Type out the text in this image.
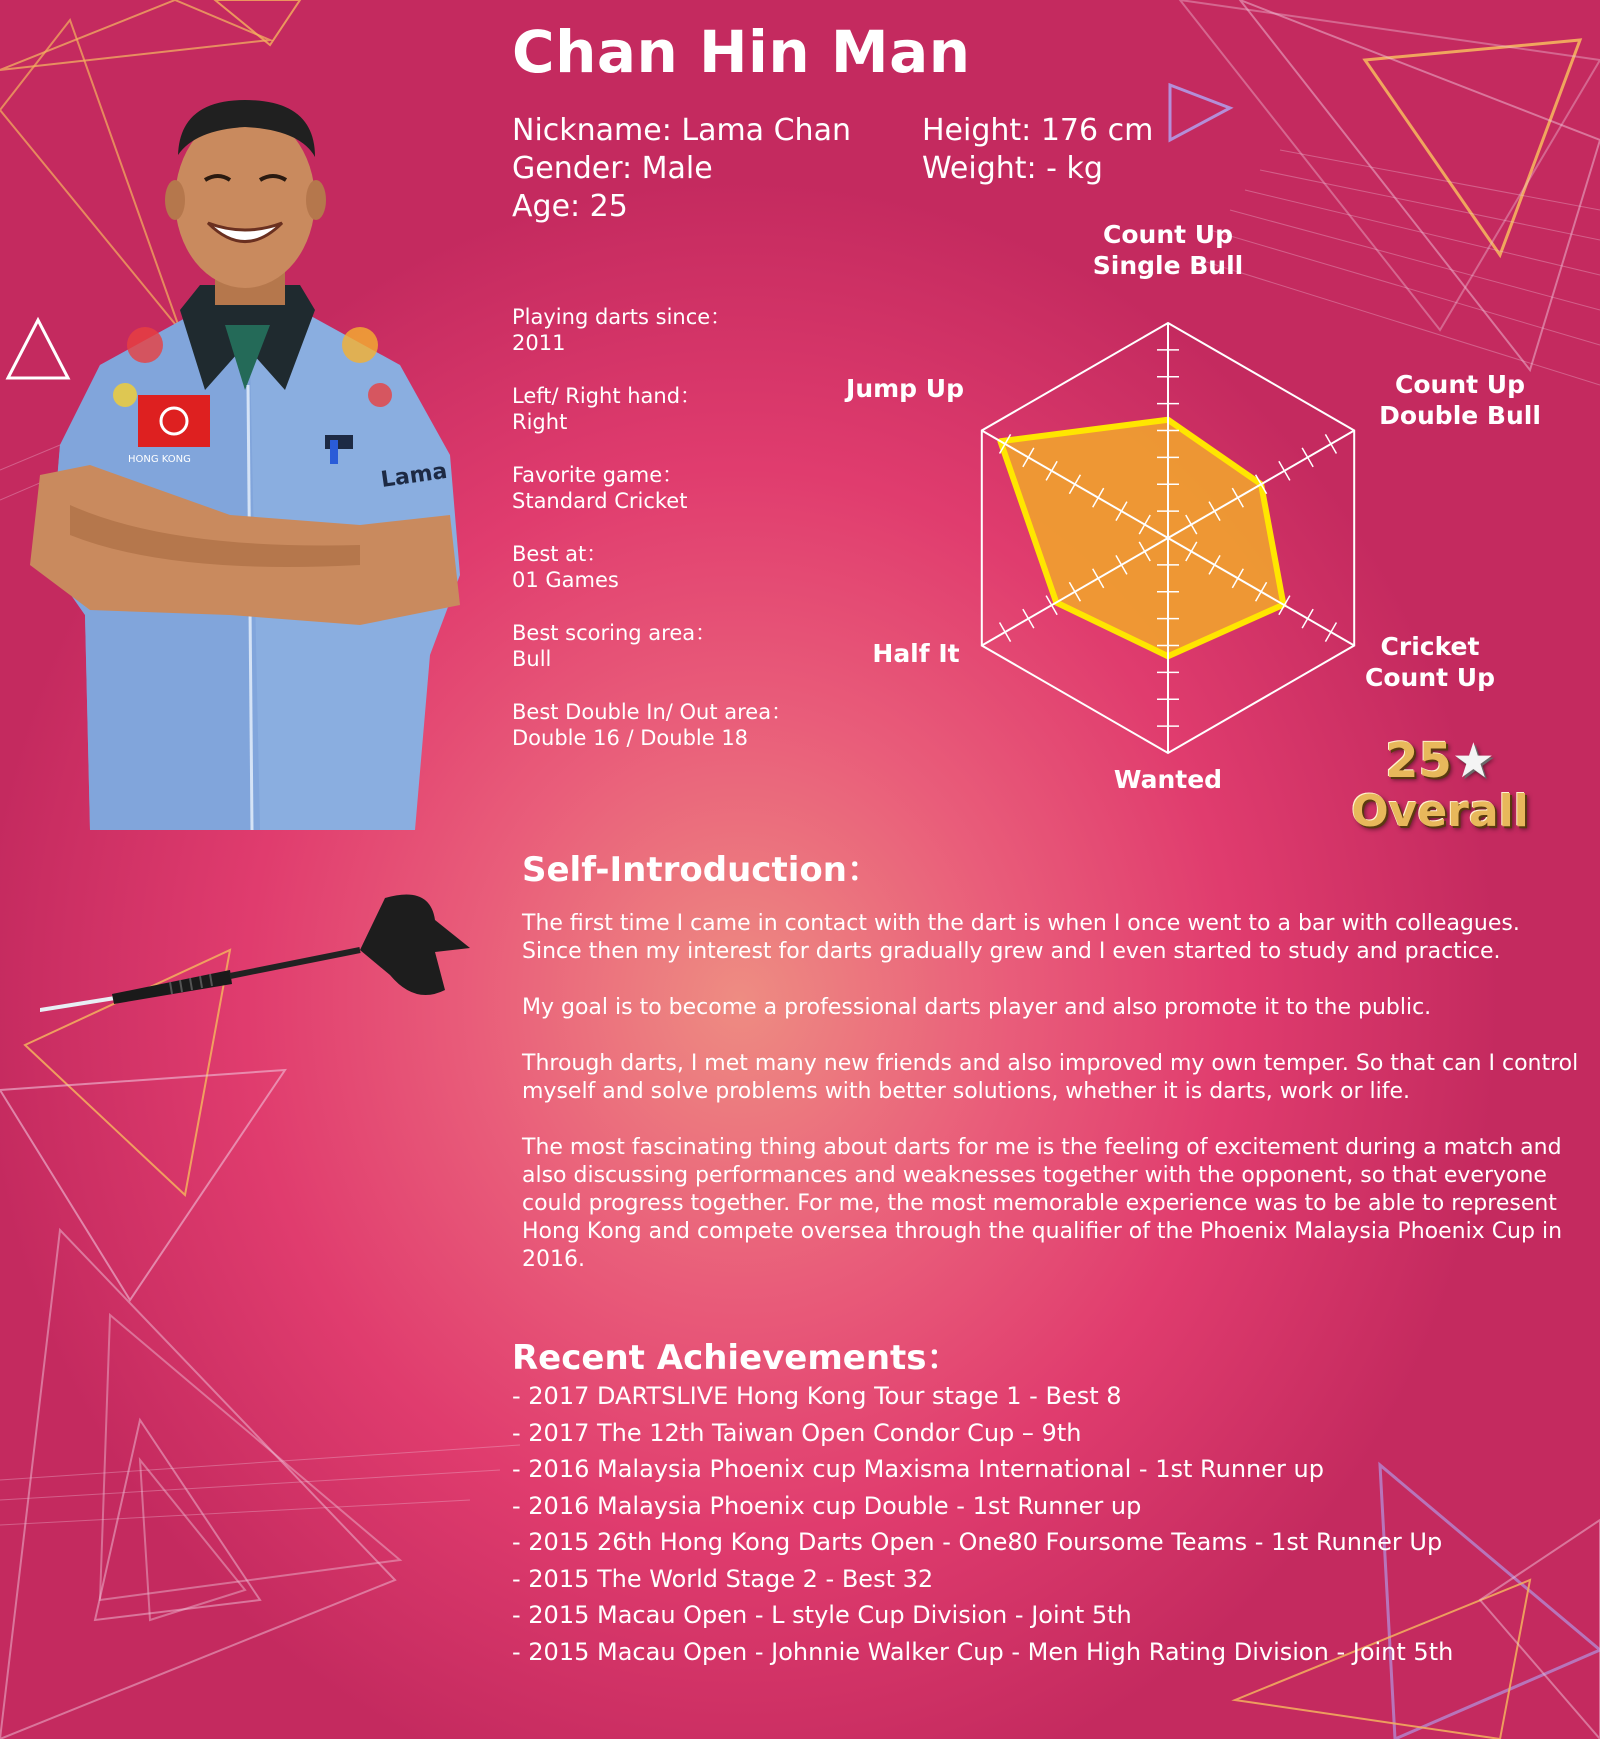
HONG KONG	Lama
Chan Hin Man
Nickname: Lama Chan
Gender: Male
Age: 25
Height: 176 cm
Weight: - kg
Playing darts since：
2011
Left/ Right hand：
Right
Favorite game：
Standard Cricket
Best at：
01 Games
Best scoring area：
Bull
Best Double In/ Out area：
Double 16 / Double 18
Count Up Single Bull
Count Up Double Bull
Cricket Count Up
Wanted
Half It
Jump Up
25★
Overall
Self-Introduction：

The first time I came in contact with the dart is when I once went to a bar with colleagues. Since then my interest for darts gradually grew and I even started to study and practice.

My goal is to become a professional darts player and also promote it to the public.

Through darts, I met many new friends and also improved my own temper. So that can I control myself and solve problems with better solutions, whether it is darts, work or life.

The most fascinating thing about darts for me is the feeling of excitement during a match and also discussing performances and weaknesses together with the opponent, so that everyone could progress together. For me, the most memorable experience was to be able to represent Hong Kong and compete oversea through the qualifier of the Phoenix Malaysia Phoenix Cup in 2016.

Recent Achievements：
- 2017 DARTSLIVE Hong Kong Tour stage 1 - Best 8
- 2017 The 12th Taiwan Open Condor Cup – 9th
- 2016 Malaysia Phoenix cup Maxisma International - 1st Runner up
- 2016 Malaysia Phoenix cup Double - 1st Runner up
- 2015 26th Hong Kong Darts Open - One80 Foursome Teams - 1st Runner Up
- 2015 The World Stage 2 - Best 32
- 2015 Macau Open - L style Cup Division - Joint 5th
- 2015 Macau Open - Johnnie Walker Cup - Men High Rating Division - Joint 5th
